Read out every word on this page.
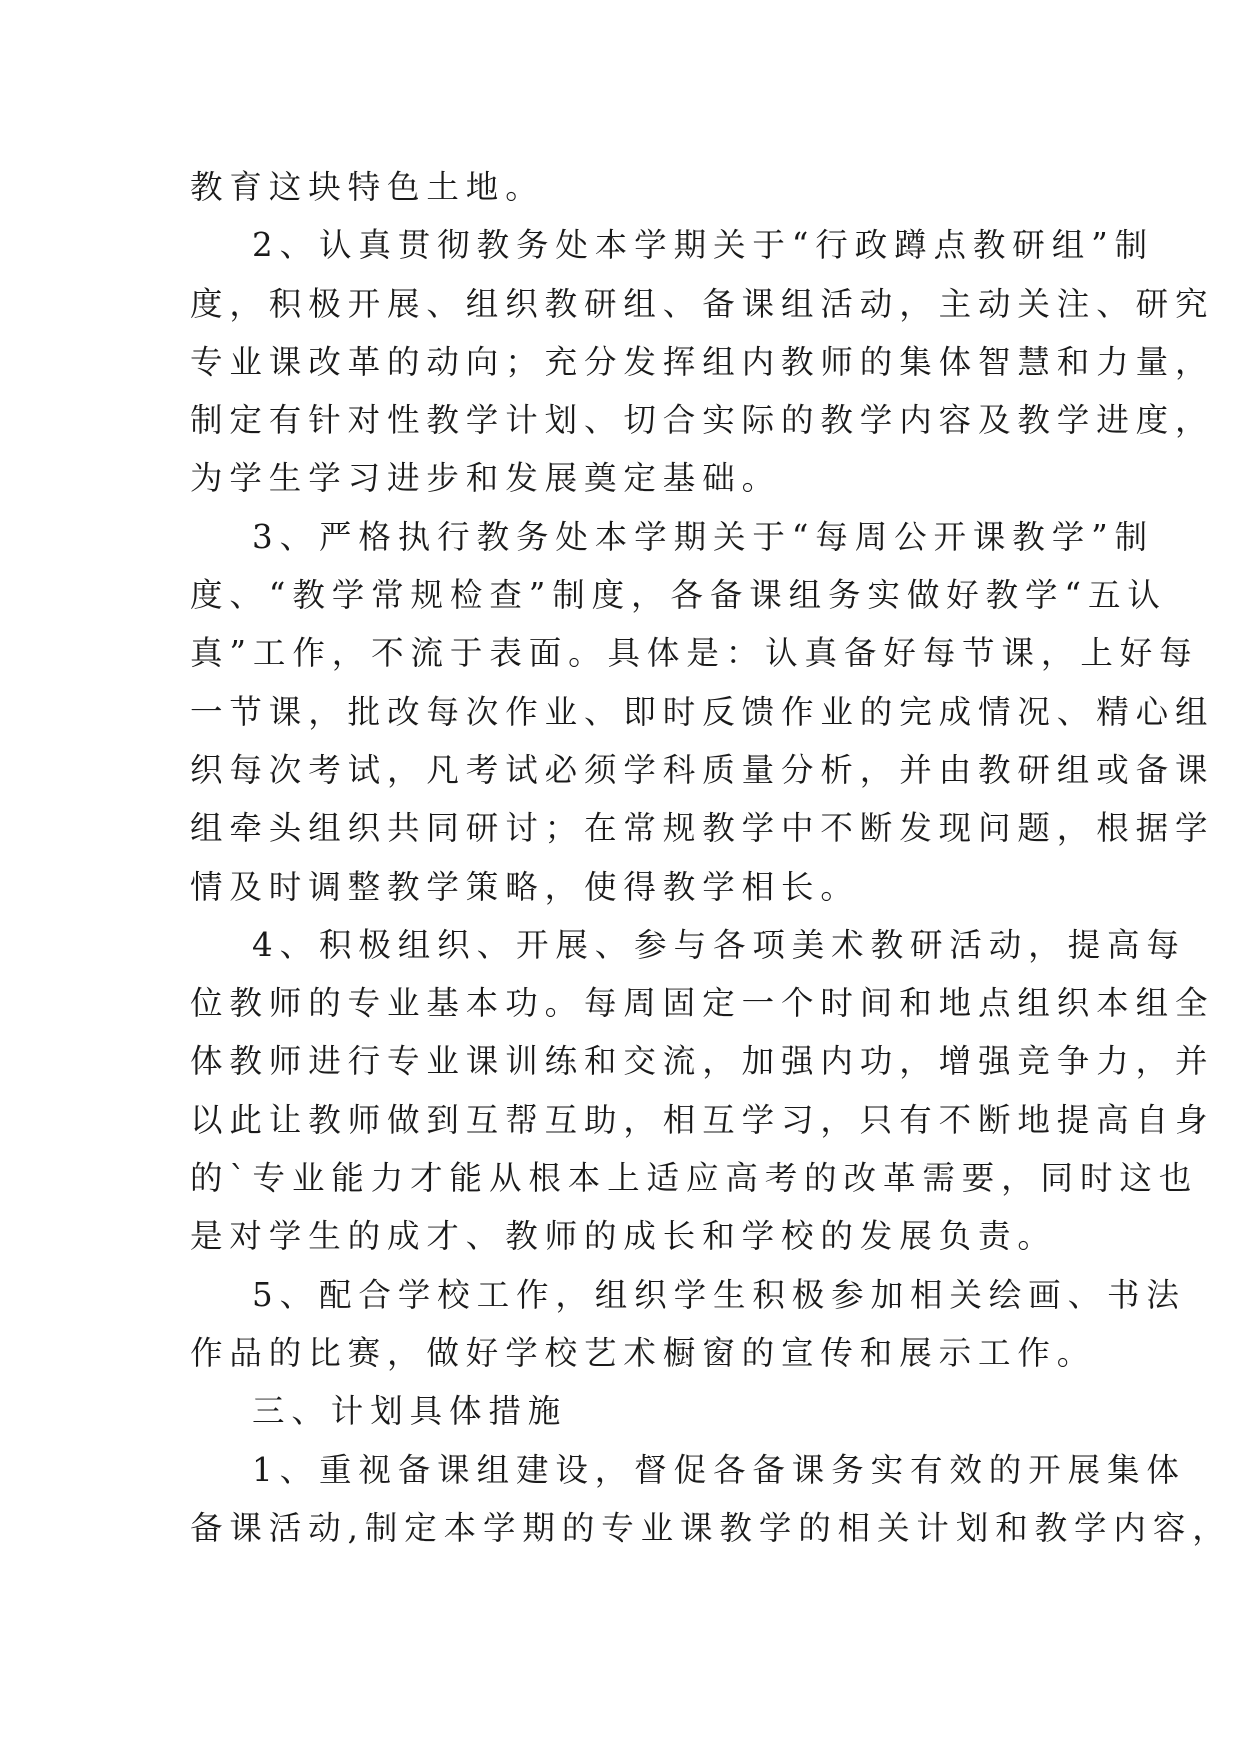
教育这块特色土地。
2、认真贯彻教务处本学期关于“行政蹲点教研组”制
度，积极开展、组织教研组、备课组活动，主动关注、研究
专业课改革的动向；充分发挥组内教师的集体智慧和力量，
制定有针对性教学计划、切合实际的教学内容及教学进度，
为学生学习进步和发展奠定基础。
3、严格执行教务处本学期关于“每周公开课教学”制
度、“教学常规检查”制度，各备课组务实做好教学“五认
真”工作，不流于表面。具体是：认真备好每节课，上好每
一节课，批改每次作业、即时反馈作业的完成情况、精心组
织每次考试，凡考试必须学科质量分析，并由教研组或备课
组牵头组织共同研讨；在常规教学中不断发现问题，根据学
情及时调整教学策略，使得教学相长。
4、积极组织、开展、参与各项美术教研活动，提高每
位教师的专业基本功。每周固定一个时间和地点组织本组全
体教师进行专业课训练和交流，加强内功，增强竞争力，并
以此让教师做到互帮互助，相互学习，只有不断地提高自身
的`专业能力才能从根本上适应高考的改革需要，同时这也
是对学生的成才、教师的成长和学校的发展负责。
5、配合学校工作，组织学生积极参加相关绘画、书法
作品的比赛，做好学校艺术橱窗的宣传和展示工作。
三、计划具体措施
1、重视备课组建设，督促各备课务实有效的开展集体
备课活动,制定本学期的专业课教学的相关计划和教学内容，
